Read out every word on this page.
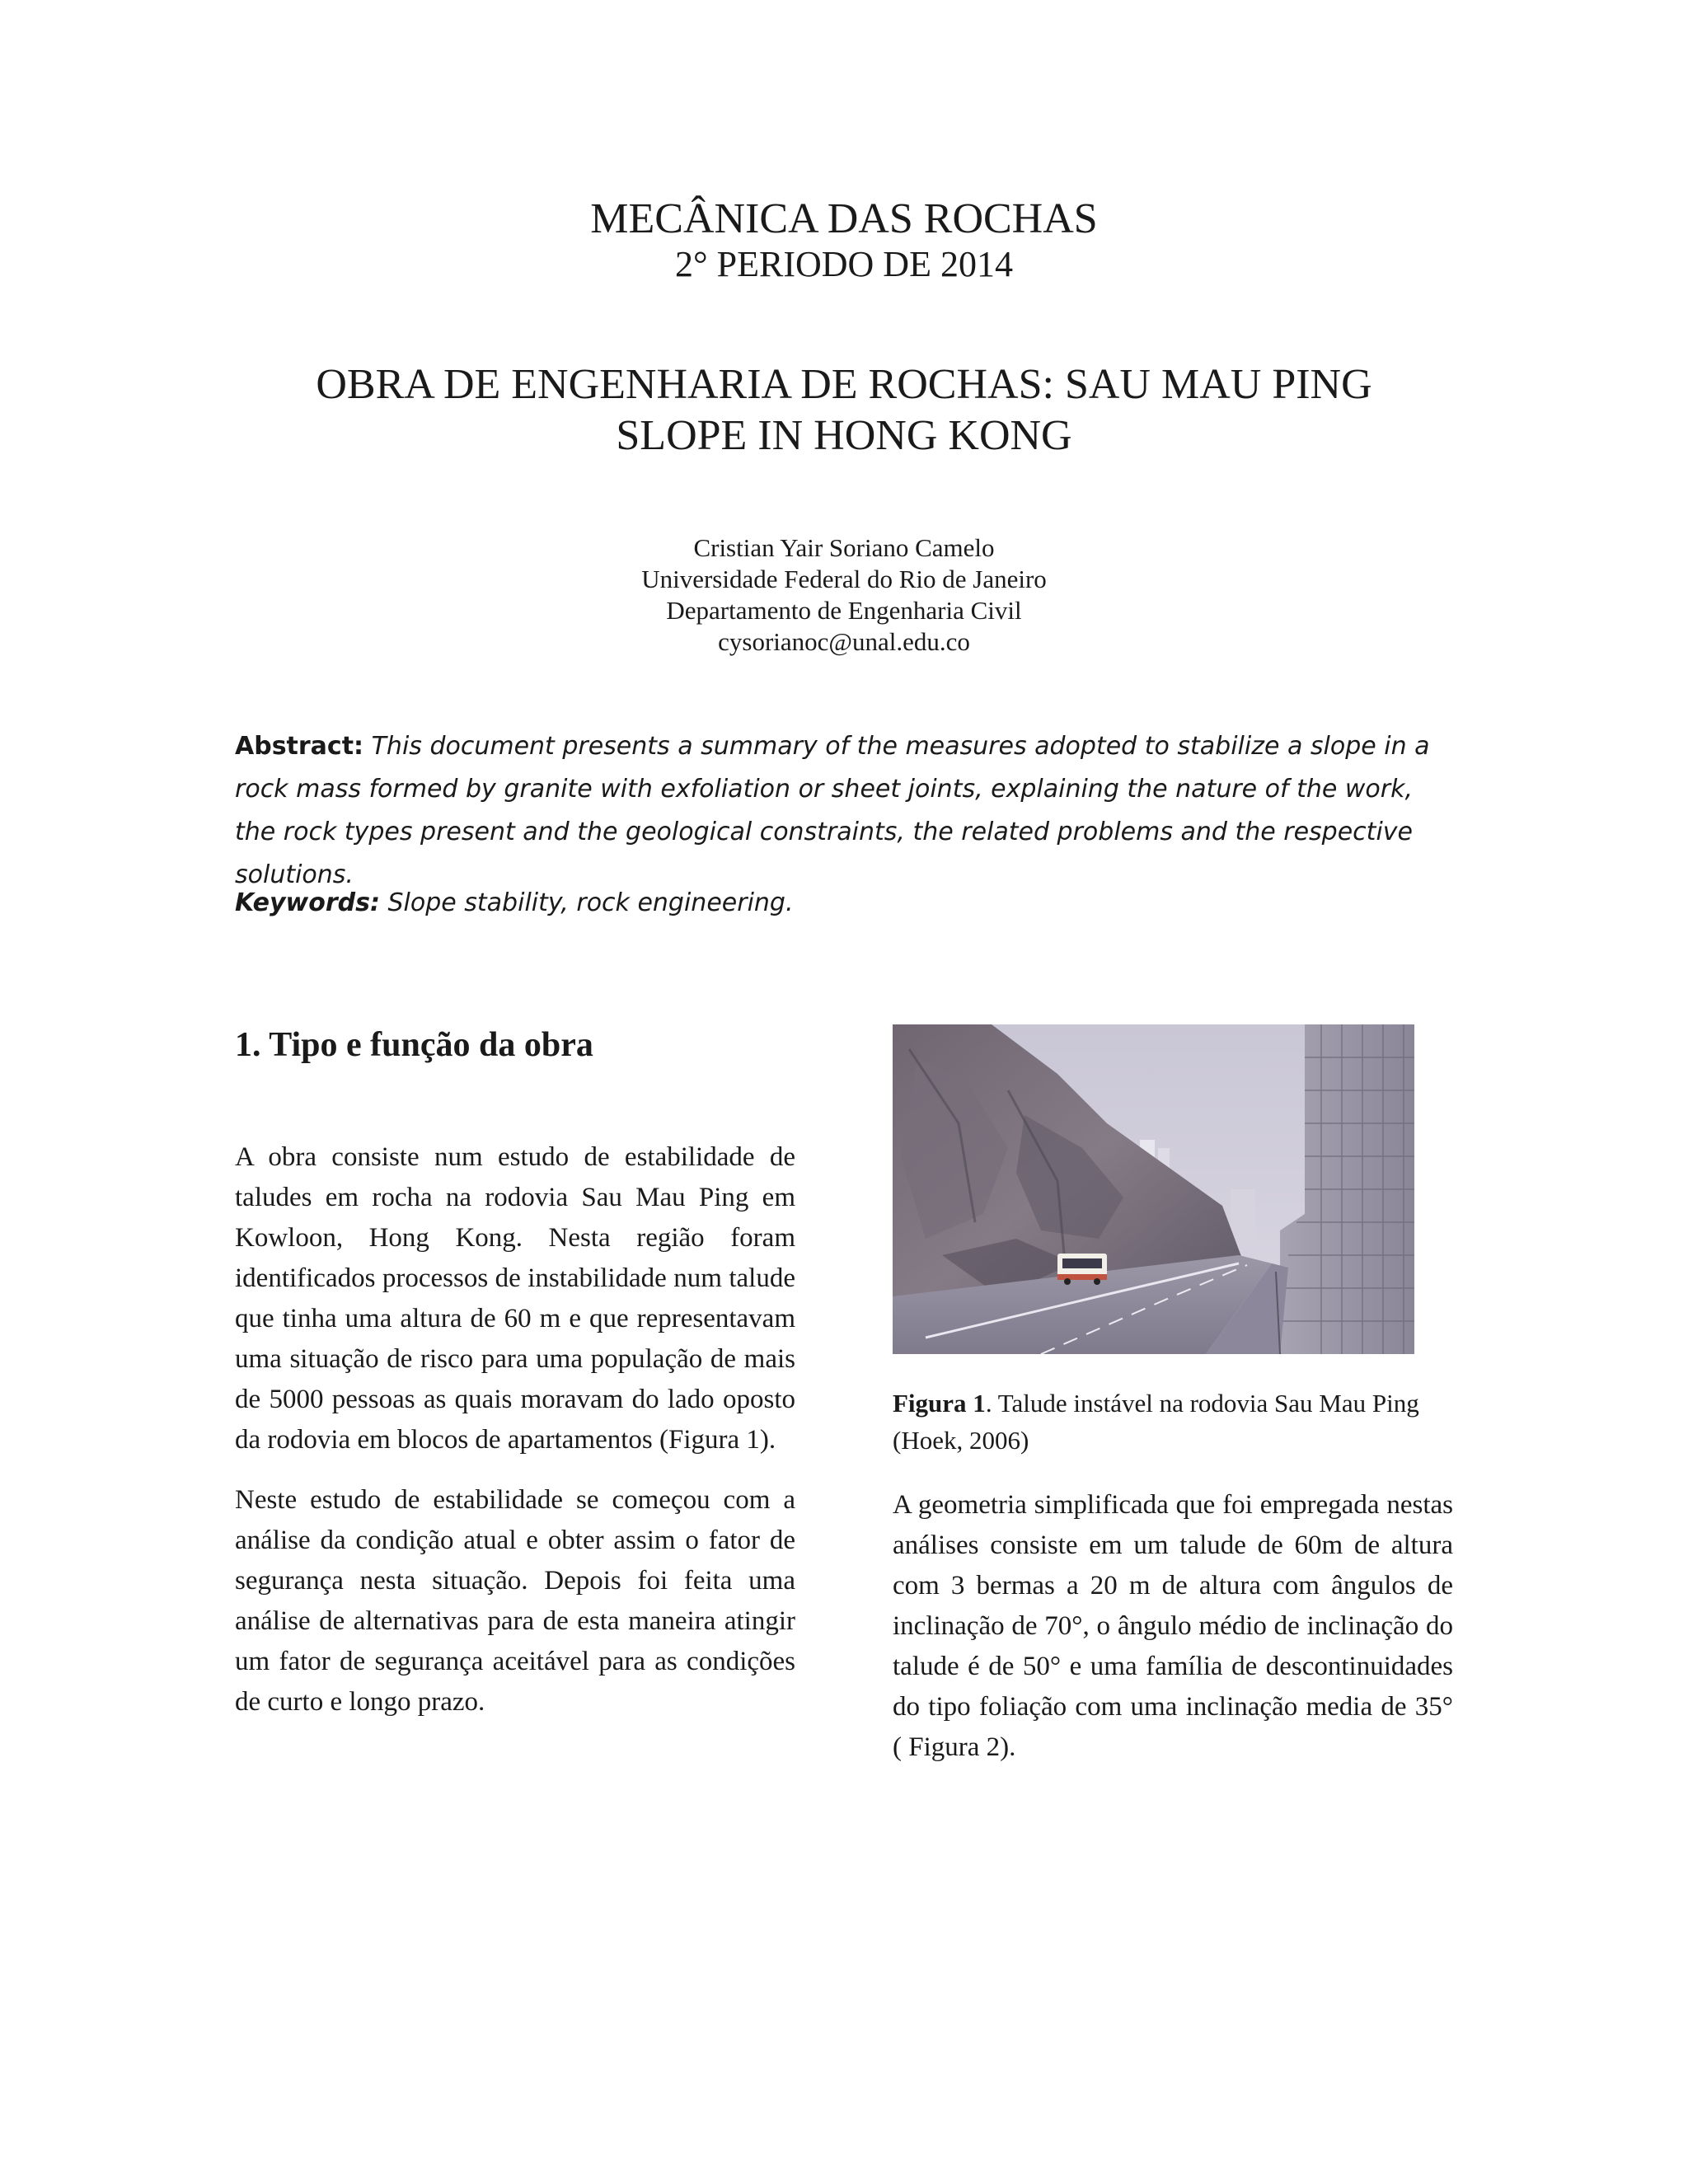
MECÂNICA DAS ROCHAS
2° PERIODO DE 2014
OBRA DE ENGENHARIA DE ROCHAS: SAU MAU PING
SLOPE IN HONG KONG
Cristian Yair Soriano Camelo
Universidade Federal do Rio de Janeiro
Departamento de Engenharia Civil
cysorianoc@unal.edu.co
Abstract: This document presents a summary of the measures adopted to stabilize a slope in a rock mass formed by granite with exfoliation or sheet joints, explaining the nature of the work, the rock types present and the geological constraints, the related problems and the respective solutions.
Keywords: Slope stability, rock engineering.
1. Tipo e função da obra

A obra consiste num estudo de estabilidade de taludes em rocha na rodovia Sau Mau Ping em Kowloon, Hong Kong. Nesta região foram identificados processos de instabilidade num talude que tinha uma altura de 60 m e que representavam uma situação de risco para uma população de mais de 5000 pessoas as quais moravam do lado oposto da rodovia em blocos de apartamentos (Figura 1).

Neste estudo de estabilidade se começou com a análise da condição atual e obter assim o fator de segurança nesta situação. Depois foi feita uma análise de alternativas para de esta maneira atingir um fator de segurança aceitável para as condições de curto e longo prazo.

Figura 1. Talude instável na rodovia Sau Mau Ping (Hoek, 2006)

A geometria simplificada que foi empregada nestas análises consiste em um talude de 60m de altura com 3 bermas a 20 m de altura com ângulos de inclinação de 70°, o ângulo médio de inclinação do talude é de 50° e uma família de descontinuidades do tipo foliação com uma inclinação media de 35° ( Figura 2).
